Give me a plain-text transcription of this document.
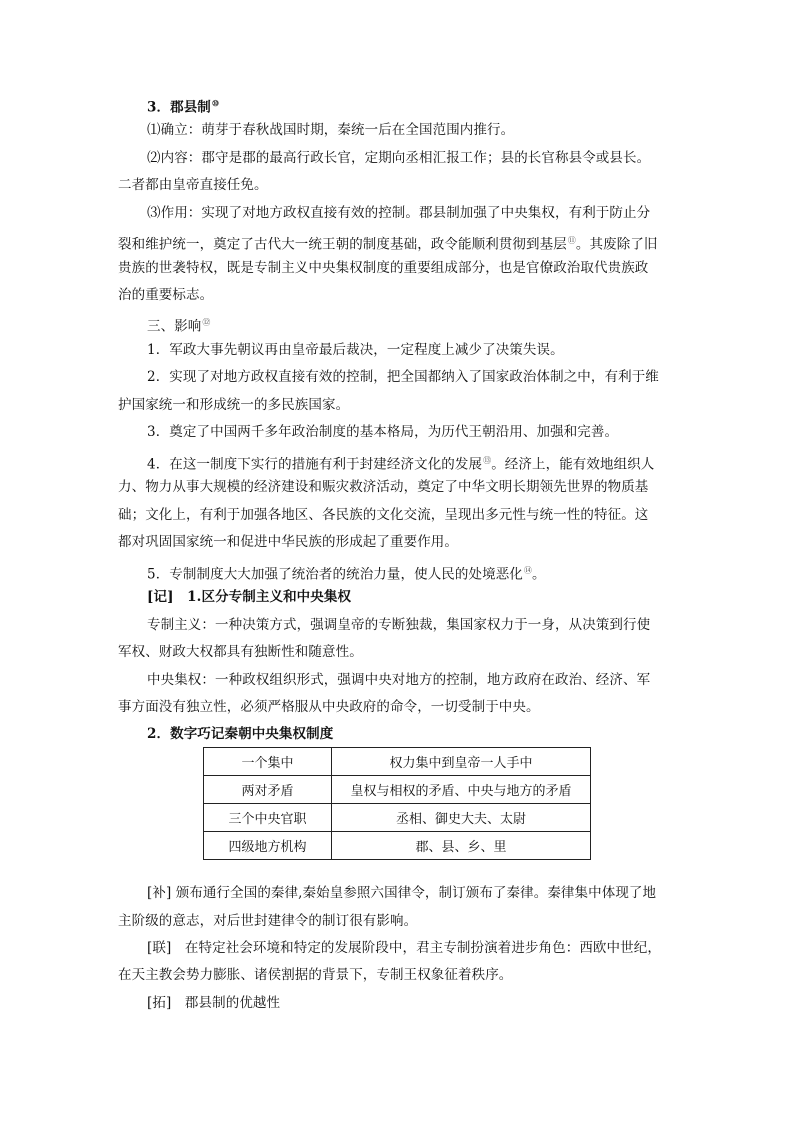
3．郡县制⑩
⑴确立：萌芽于春秋战国时期，秦统一后在全国范围内推行。
⑵内容：郡守是郡的最高行政长官，定期向丞相汇报工作；县的长官称县令或县长。
二者都由皇帝直接任免。
⑶作用：实现了对地方政权直接有效的控制。郡县制加强了中央集权，有利于防止分
裂和维护统一，奠定了古代大一统王朝的制度基础，政令能顺利贯彻到基层⑪。其废除了旧
贵族的世袭特权，既是专制主义中央集权制度的重要组成部分，也是官僚政治取代贵族政
治的重要标志。
三、影响⑫
1．军政大事先朝议再由皇帝最后裁决，一定程度上减少了决策失误。
2．实现了对地方政权直接有效的控制，把全国都纳入了国家政治体制之中，有利于维
护国家统一和形成统一的多民族国家。
3．奠定了中国两千多年政治制度的基本格局，为历代王朝沿用、加强和完善。
4．在这一制度下实行的措施有利于封建经济文化的发展⑬。经济上，能有效地组织人
力、物力从事大规模的经济建设和赈灾救济活动，奠定了中华文明长期领先世界的物质基
础；文化上，有利于加强各地区、各民族的文化交流，呈现出多元性与统一性的特征。这
都对巩固国家统一和促进中华民族的形成起了重要作用。
5．专制制度大大加强了统治者的统治力量，使人民的处境恶化⑭。
[记]　1.区分专制主义和中央集权
专制主义：一种决策方式，强调皇帝的专断独裁，集国家权力于一身，从决策到行使
军权、财政大权都具有独断性和随意性。
中央集权：一种政权组织形式，强调中央对地方的控制，地方政府在政治、经济、军
事方面没有独立性，必须严格服从中央政府的命令，一切受制于中央。
2．数字巧记秦朝中央集权制度
一个集中	权力集中到皇帝一人手中
两对矛盾	皇权与相权的矛盾、中央与地方的矛盾
三个中央官职	丞相、御史大夫、太尉
四级地方机构	郡、县、乡、里
[补] 颁布通行全国的秦律,秦始皇参照六国律令，制订颁布了秦律。秦律集中体现了地
主阶级的意志，对后世封建律令的制订很有影响。
[联]　在特定社会环境和特定的发展阶段中，君主专制扮演着进步角色：西欧中世纪，
在天主教会势力膨胀、诸侯割据的背景下，专制王权象征着秩序。
[拓]　郡县制的优越性
